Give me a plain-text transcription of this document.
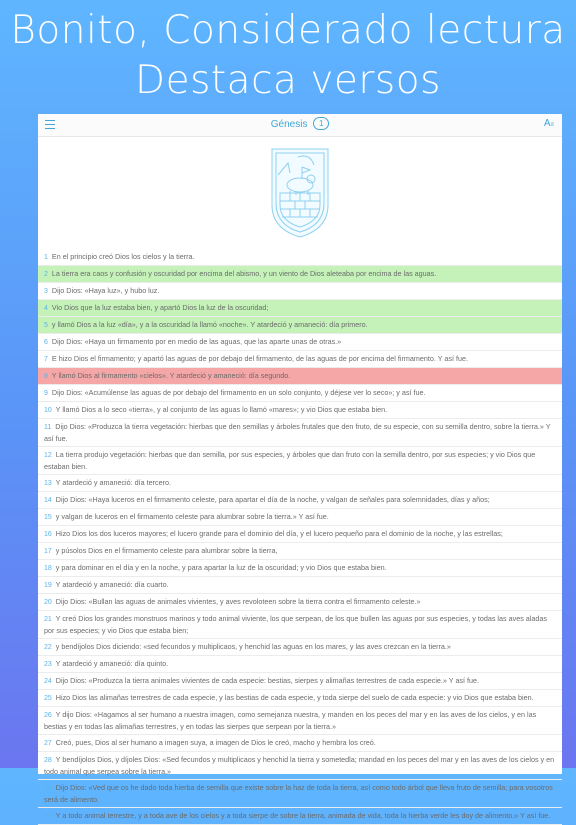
Bonito, Considerado lectura
Destaca versos
Génesis 1	A≡
1 En el principio creó Dios los cielos y la tierra.
2 La tierra era caos y confusión y oscuridad por encima del abismo, y un viento de Dios aleteaba por encima de las aguas.
3 Dijo Dios: «Haya luz», y hubo luz.
4 Vio Dios que la luz estaba bien, y apartó Dios la luz de la oscuridad;
5 y llamó Dios a la luz «día», y a la oscuridad la llamó «noche». Y atardeció y amaneció: día primero.
6 Dijo Dios: «Haya un firmamento por en medio de las aguas, que las aparte unas de otras.»
7 E hizo Dios el firmamento; y apartó las aguas de por debajo del firmamento, de las aguas de por encima del firmamento. Y así fue.
8 Y llamó Dios al firmamento «cielos». Y atardeció y amaneció: día segundo.
9 Dijo Dios: «Acumúlense las aguas de por debajo del firmamento en un solo conjunto, y déjese ver lo seco»; y así fue.
10 Y llamó Dios a lo seco «tierra», y al conjunto de las aguas lo llamó «mares»; y vio Dios que estaba bien.
11 Dijo Dios: «Produzca la tierra vegetación: hierbas que den semillas y árboles frutales que den fruto, de su especie, con su semilla dentro, sobre la tierra.» Y así fue.
12 La tierra produjo vegetación: hierbas que dan semilla, por sus especies, y árboles que dan fruto con la semilla dentro, por sus especies; y vio Dios que estaban bien.
13 Y atardeció y amaneció: día tercero.
14 Dijo Dios: «Haya luceros en el firmamento celeste, para apartar el día de la noche, y valgan de señales para solemnidades, días y años;
15 y valgan de luceros en el firmamento celeste para alumbrar sobre la tierra.» Y así fue.
16 Hizo Dios los dos luceros mayores; el lucero grande para el dominio del día, y el lucero pequeño para el dominio de la noche, y las estrellas;
17 y púsolos Dios en el firmamento celeste para alumbrar sobre la tierra,
18 y para dominar en el día y en la noche, y para apartar la luz de la oscuridad; y vio Dios que estaba bien.
19 Y atardeció y amaneció: día cuarto.
20 Dijo Dios: «Bullan las aguas de animales vivientes, y aves revoloteen sobre la tierra contra el firmamento celeste.»
21 Y creó Dios los grandes monstruos marinos y todo animal viviente, los que serpean, de los que bullen las aguas por sus especies, y todas las aves aladas por sus especies; y vio Dios que estaba bien;
22 y bendíjolos Dios diciendo: «sed fecundos y multiplicaos, y henchid las aguas en los mares, y las aves crezcan en la tierra.»
23 Y atardeció y amaneció: día quinto.
24 Dijo Dios: «Produzca la tierra animales vivientes de cada especie: bestias, sierpes y alimañas terrestres de cada especie.» Y así fue.
25 Hizo Dios las alimañas terrestres de cada especie, y las bestias de cada especie, y toda sierpe del suelo de cada especie: y vio Dios que estaba bien.
26 Y dijo Dios: «Hagamos al ser humano a nuestra imagen, como semejanza nuestra, y manden en los peces del mar y en las aves de los cielos, y en las bestias y en todas las alimañas terrestres, y en todas las sierpes que serpean por la tierra.»
27 Creó, pues, Dios al ser humano a imagen suya, a imagen de Dios le creó, macho y hembra los creó.
28 Y bendíjolos Dios, y díjoles Dios: «Sed fecundos y multiplicaos y henchid la tierra y sometedla; mandad en los peces del mar y en las aves de los cielos y en todo animal que serpea sobre la tierra.»
29 Dijo Dios: «Ved que os he dado toda hierba de semilla que existe sobre la haz de toda la tierra, así como todo árbol que lleva fruto de semilla; para vosotros será de alimento.
30 Y a todo animal terrestre, y a toda ave de los cielos y a toda sierpe de sobre la tierra, animada de vida, toda la hierba verde les doy de alimento.» Y así fue.
